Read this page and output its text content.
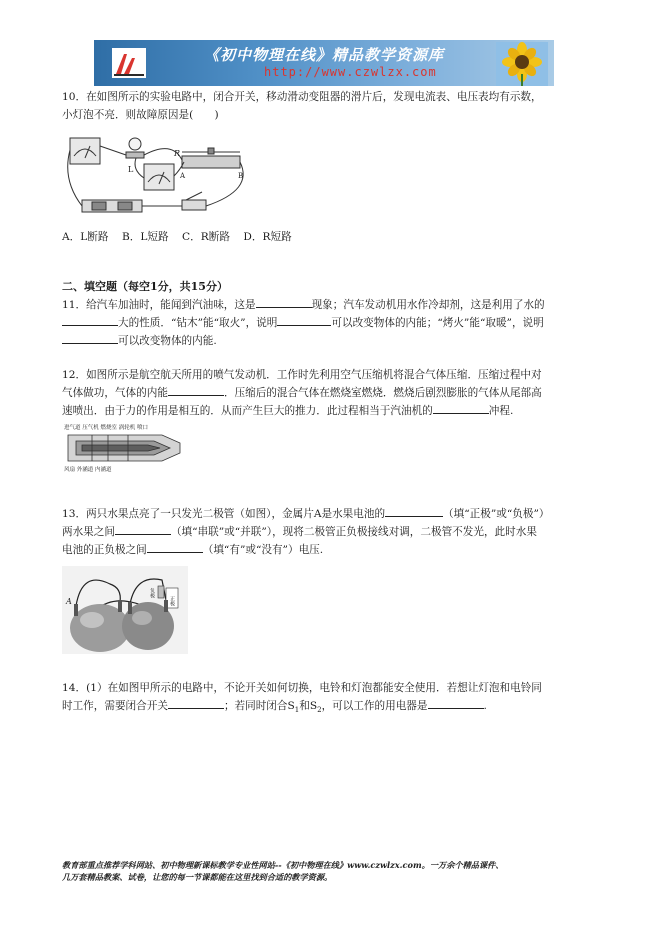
《初中物理在线》精品教学资源库
http://www.czwlzx.com
10．在如图所示的实验电路中，闭合开关，移动滑动变阻器的滑片后，发现电流表、电压表均有示数，
小灯泡不亮．则故障原因是(　　)
L
R
A	B
A．L断路 B．L短路 C．R断路 D．R短路
二、填空题（每空1分，共15分）
11．给汽车加油时，能闻到汽油味，这是	现象；汽车发动机用水作冷却剂，这是利用了水的
大的性质．“钻木”能“取火”，说明	可以改变物体的内能；“烤火”能“取暖”，说明
可以改变物体的内能.
12．如图所示是航空航天所用的喷气发动机．工作时先利用空气压缩机将混合气体压缩．压缩过程中对
气体做功，气体的内能	．压缩后的混合气体在燃烧室燃烧．燃烧后剧烈膨胀的气体从尾部高
速喷出．由于力的作用是相互的．从而产生巨大的推力．此过程相当于汽油机的	冲程.
进气道 压气机 燃烧室 涡轮机 喷口
风扇 外涵道 内涵道
13．两只水果点亮了一只发光二极管（如图），金属片A是水果电池的	（填“正极”或“负极”）
两水果之间	（填“串联”或“并联”），现将二极管正负极接线对调，二极管不发光，此时水果
电池的正负极之间	（填“有”或“没有”）电压.
A
负极
正极
14．(1）在如图甲所示的电路中，不论开关如何切换，电铃和灯泡都能安全使用．若想让灯泡和电铃同
时工作，需要闭合开关	；若同时闭合$S_1$和$S_2$，可以工作的用电器是	.
教育部重点推荐学科网站、初中物理新课标教学专业性网站--《初中物理在线》www.czwlzx.com。一万余个精品课件、
几万套精品教案、试卷，让您的每一节课都能在这里找到合适的教学资源。
